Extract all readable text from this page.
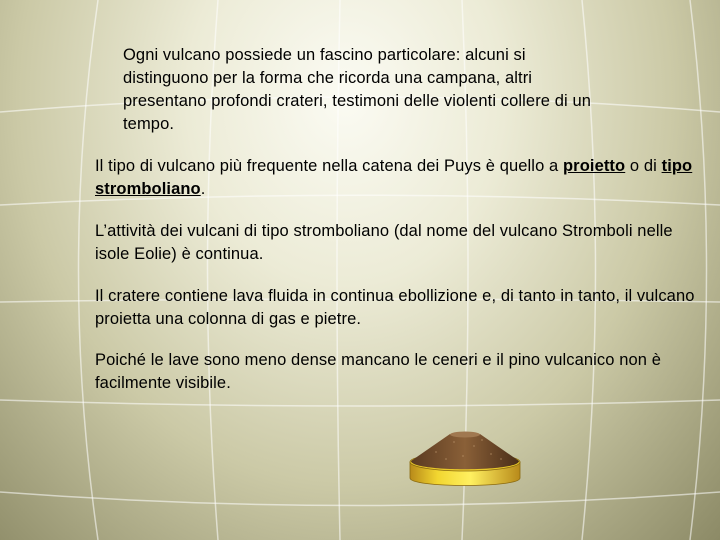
Ogni vulcano possiede un fascino particolare: alcuni si distinguono per la forma che ricorda una campana, altri presentano profondi crateri, testimoni delle violenti collere di un tempo.

Il tipo di vulcano più frequente nella catena dei Puys è quello a proietto o di tipo stromboliano.

L’attività dei vulcani di tipo stromboliano (dal nome del vulcano Stromboli nelle isole Eolie) è continua.

Il cratere contiene lava fluida in continua ebollizione e, di tanto in tanto, il vulcano proietta una colonna di gas e pietre.

Poiché le lave sono meno dense mancano le ceneri e il pino vulcanico non è facilmente visibile.
